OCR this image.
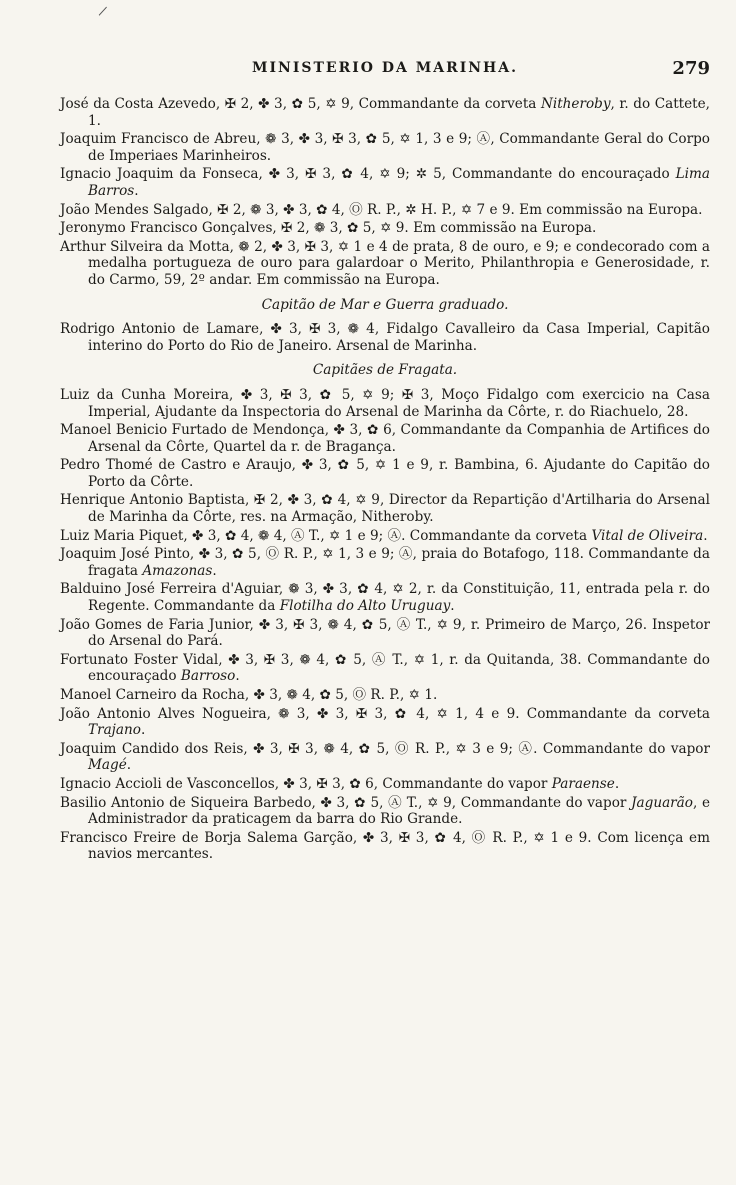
\
MINISTERIO DA MARINHA.	279

José da Costa Azevedo, ✠ 2, ✤ 3, ✿ 5, ✡ 9, Commandante da corveta Nitheroby, r. do Cattete, 1.

Joaquim Francisco de Abreu, ❁ 3, ✤ 3, ✠ 3, ✿ 5, ✡ 1, 3 e 9; Ⓐ, Commandante Geral do Corpo de Imperiaes Marinheiros.

Ignacio Joaquim da Fonseca, ✤ 3, ✠ 3, ✿ 4, ✡ 9; ✲ 5, Commandante do encouraçado Lima Barros.

João Mendes Salgado, ✠ 2, ❁ 3, ✤ 3, ✿ 4, Ⓞ R. P., ✲ H. P., ✡ 7 e 9. Em commissão na Europa.

Jeronymo Francisco Gonçalves, ✠ 2, ❁ 3, ✿ 5, ✡ 9. Em commissão na Europa.

Arthur Silveira da Motta, ❁ 2, ✤ 3, ✠ 3, ✡ 1 e 4 de prata, 8 de ouro, e 9; e condecorado com a medalha portugueza de ouro para galardoar o Merito, Philanthropia e Generosidade, r. do Carmo, 59, 2º andar. Em commissão na Europa.

Capitão de Mar e Guerra graduado.

Rodrigo Antonio de Lamare, ✤ 3, ✠ 3, ❁ 4, Fidalgo Cavalleiro da Casa Imperial, Capitão interino do Porto do Rio de Janeiro. Arsenal de Marinha.

Capitães de Fragata.

Luiz da Cunha Moreira, ✤ 3, ✠ 3, ✿ 5, ✡ 9; ✠ 3, Moço Fidalgo com exercicio na Casa Imperial, Ajudante da Inspectoria do Arsenal de Marinha da Côrte, r. do Riachuelo, 28.

Manoel Benicio Furtado de Mendonça, ✤ 3, ✿ 6, Commandante da Companhia de Artifices do Arsenal da Côrte, Quartel da r. de Bragança.

Pedro Thomé de Castro e Araujo, ✤ 3, ✿ 5, ✡ 1 e 9, r. Bambina, 6. Ajudante do Capitão do Porto da Côrte.

Henrique Antonio Baptista, ✠ 2, ✤ 3, ✿ 4, ✡ 9, Director da Repartição d'Artilharia do Arsenal de Marinha da Côrte, res. na Armação, Nitheroby.

Luiz Maria Piquet, ✤ 3, ✿ 4, ❁ 4, Ⓐ T., ✡ 1 e 9; Ⓐ. Commandante da corveta Vital de Oliveira.

Joaquim José Pinto, ✤ 3, ✿ 5, Ⓞ R. P., ✡ 1, 3 e 9; Ⓐ, praia do Botafogo, 118. Commandante da fragata Amazonas.

Balduino José Ferreira d'Aguiar, ❁ 3, ✤ 3, ✿ 4, ✡ 2, r. da Constituição, 11, entrada pela r. do Regente. Commandante da Flotilha do Alto Uruguay.

João Gomes de Faria Junior, ✤ 3, ✠ 3, ❁ 4, ✿ 5, Ⓐ T., ✡ 9, r. Primeiro de Março, 26. Inspetor do Arsenal do Pará.

Fortunato Foster Vidal, ✤ 3, ✠ 3, ❁ 4, ✿ 5, Ⓐ T., ✡ 1, r. da Quitanda, 38. Commandante do encouraçado Barroso.

Manoel Carneiro da Rocha, ✤ 3, ❁ 4, ✿ 5, Ⓞ R. P., ✡ 1.

João Antonio Alves Nogueira, ❁ 3, ✤ 3, ✠ 3, ✿ 4, ✡ 1, 4 e 9. Commandante da corveta Trajano.

Joaquim Candido dos Reis, ✤ 3, ✠ 3, ❁ 4, ✿ 5, Ⓞ R. P., ✡ 3 e 9; Ⓐ. Commandante do vapor Magé.

Ignacio Accioli de Vasconcellos, ✤ 3, ✠ 3, ✿ 6, Commandante do vapor Paraense.

Basilio Antonio de Siqueira Barbedo, ✤ 3, ✿ 5, Ⓐ T., ✡ 9, Commandante do vapor Jaguarão, e Administrador da praticagem da barra do Rio Grande.

Francisco Freire de Borja Salema Garção, ✤ 3, ✠ 3, ✿ 4, Ⓞ R. P., ✡ 1 e 9. Com licença em navios mercantes.
